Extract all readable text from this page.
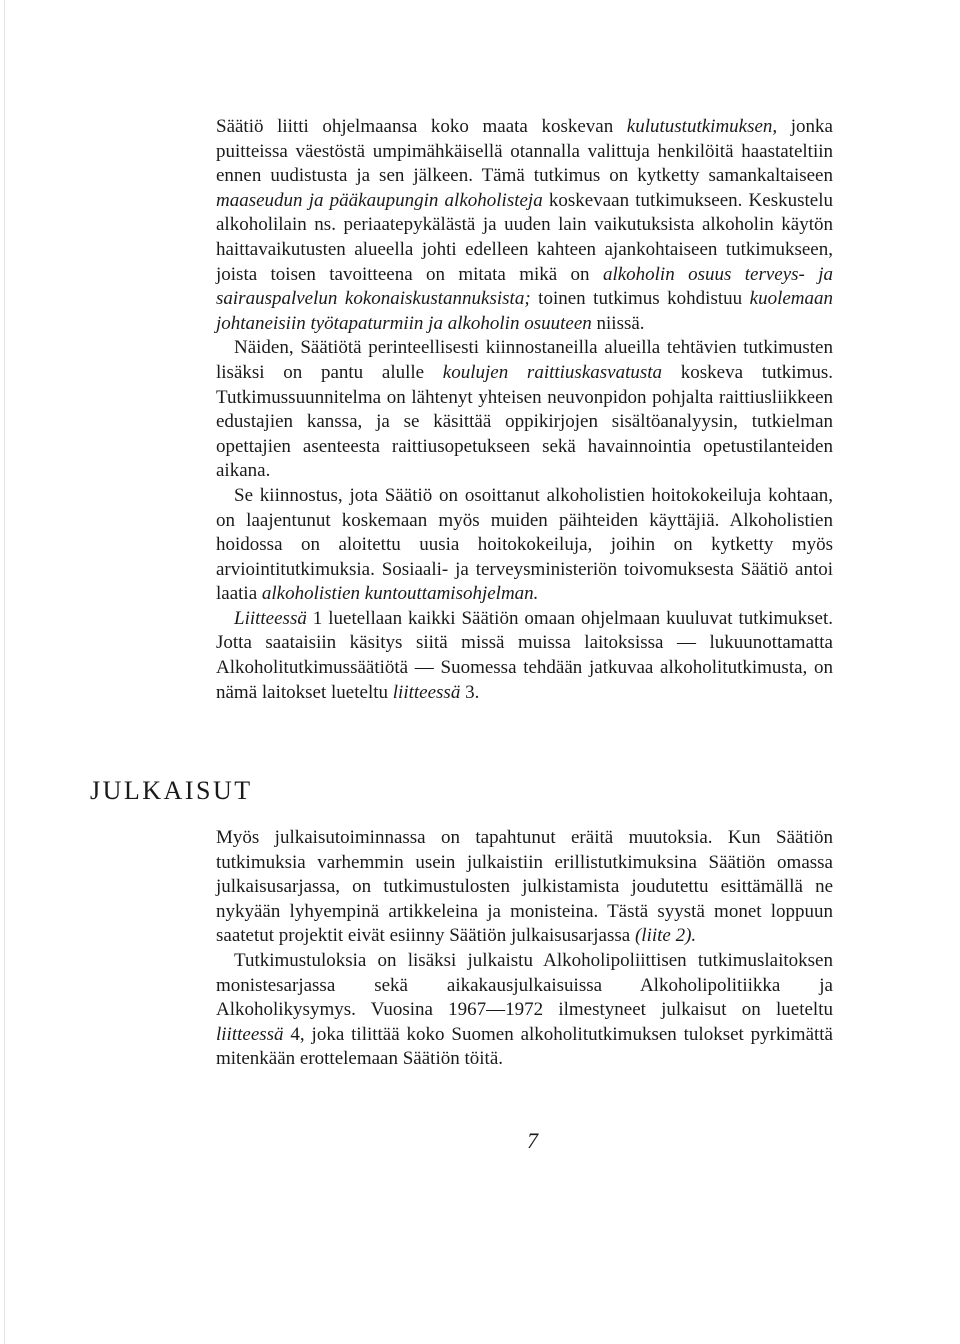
Säätiö liitti ohjelmaansa koko maata koskevan kulutustutkimuksen, jonka puitteissa väestöstä umpimähkäisellä otannalla valittuja henkilöitä haastateltiin ennen uudistusta ja sen jälkeen. Tämä tutkimus on kytketty samankaltaiseen maaseudun ja pääkaupungin alkoholisteja koskevaan tutkimukseen. Keskustelu alkoholilain ns. periaatepykälästä ja uuden lain vaikutuksista alkoholin käytön haittavaikutusten alueella johti edelleen kahteen ajankohtaiseen tutkimukseen, joista toisen tavoitteena on mitata mikä on alkoholin osuus terveys- ja sairauspalvelun kokonaiskustannuksista; toinen tutkimus kohdistuu kuolemaan johtaneisiin työtapaturmiin ja alkoholin osuuteen niissä.

Näiden, Säätiötä perinteellisesti kiinnostaneilla alueilla tehtävien tutkimusten lisäksi on pantu alulle koulujen raittiuskasvatusta koskeva tutkimus. Tutkimussuunnitelma on lähtenyt yhteisen neuvonpidon pohjalta raittiusliikkeen edustajien kanssa, ja se käsittää oppikirjojen sisältöanalyysin, tutkielman opettajien asenteesta raittiusopetukseen sekä havainnointia opetustilanteiden aikana.

Se kiinnostus, jota Säätiö on osoittanut alkoholistien hoitokokeiluja kohtaan, on laajentunut koskemaan myös muiden päihteiden käyttäjiä. Alkoholistien hoidossa on aloitettu uusia hoitokokeiluja, joihin on kytketty myös arviointitutkimuksia. Sosiaali- ja terveysministeriön toivomuksesta Säätiö antoi laatia alkoholistien kuntouttamisohjelman.

Liitteessä 1 luetellaan kaikki Säätiön omaan ohjelmaan kuuluvat tutkimukset. Jotta saataisiin käsitys siitä missä muissa laitoksissa — lukuunottamatta Alkoholitutkimussäätiötä — Suomessa tehdään jatkuvaa alkoholitutkimusta, on nämä laitokset lueteltu liitteessä 3.

JULKAISUT

Myös julkaisutoiminnassa on tapahtunut eräitä muutoksia. Kun Säätiön tutkimuksia varhemmin usein julkaistiin erillistutkimuksina Säätiön omassa julkaisusarjassa, on tutkimustulosten julkistamista joudutettu esittämällä ne nykyään lyhyempinä artikkeleina ja monisteina. Tästä syystä monet loppuun saatetut projektit eivät esiinny Säätiön julkaisusarjassa (liite 2).

Tutkimustuloksia on lisäksi julkaistu Alkoholipoliittisen tutkimuslaitoksen monistesarjassa sekä aikakausjulkaisuissa Alkoholipolitiikka ja Alkoholikysymys. Vuosina 1967—1972 ilmestyneet julkaisut on lueteltu liitteessä 4, joka tilittää koko Suomen alkoholitutkimuksen tulokset pyrkimättä mitenkään erottelemaan Säätiön töitä.

7
